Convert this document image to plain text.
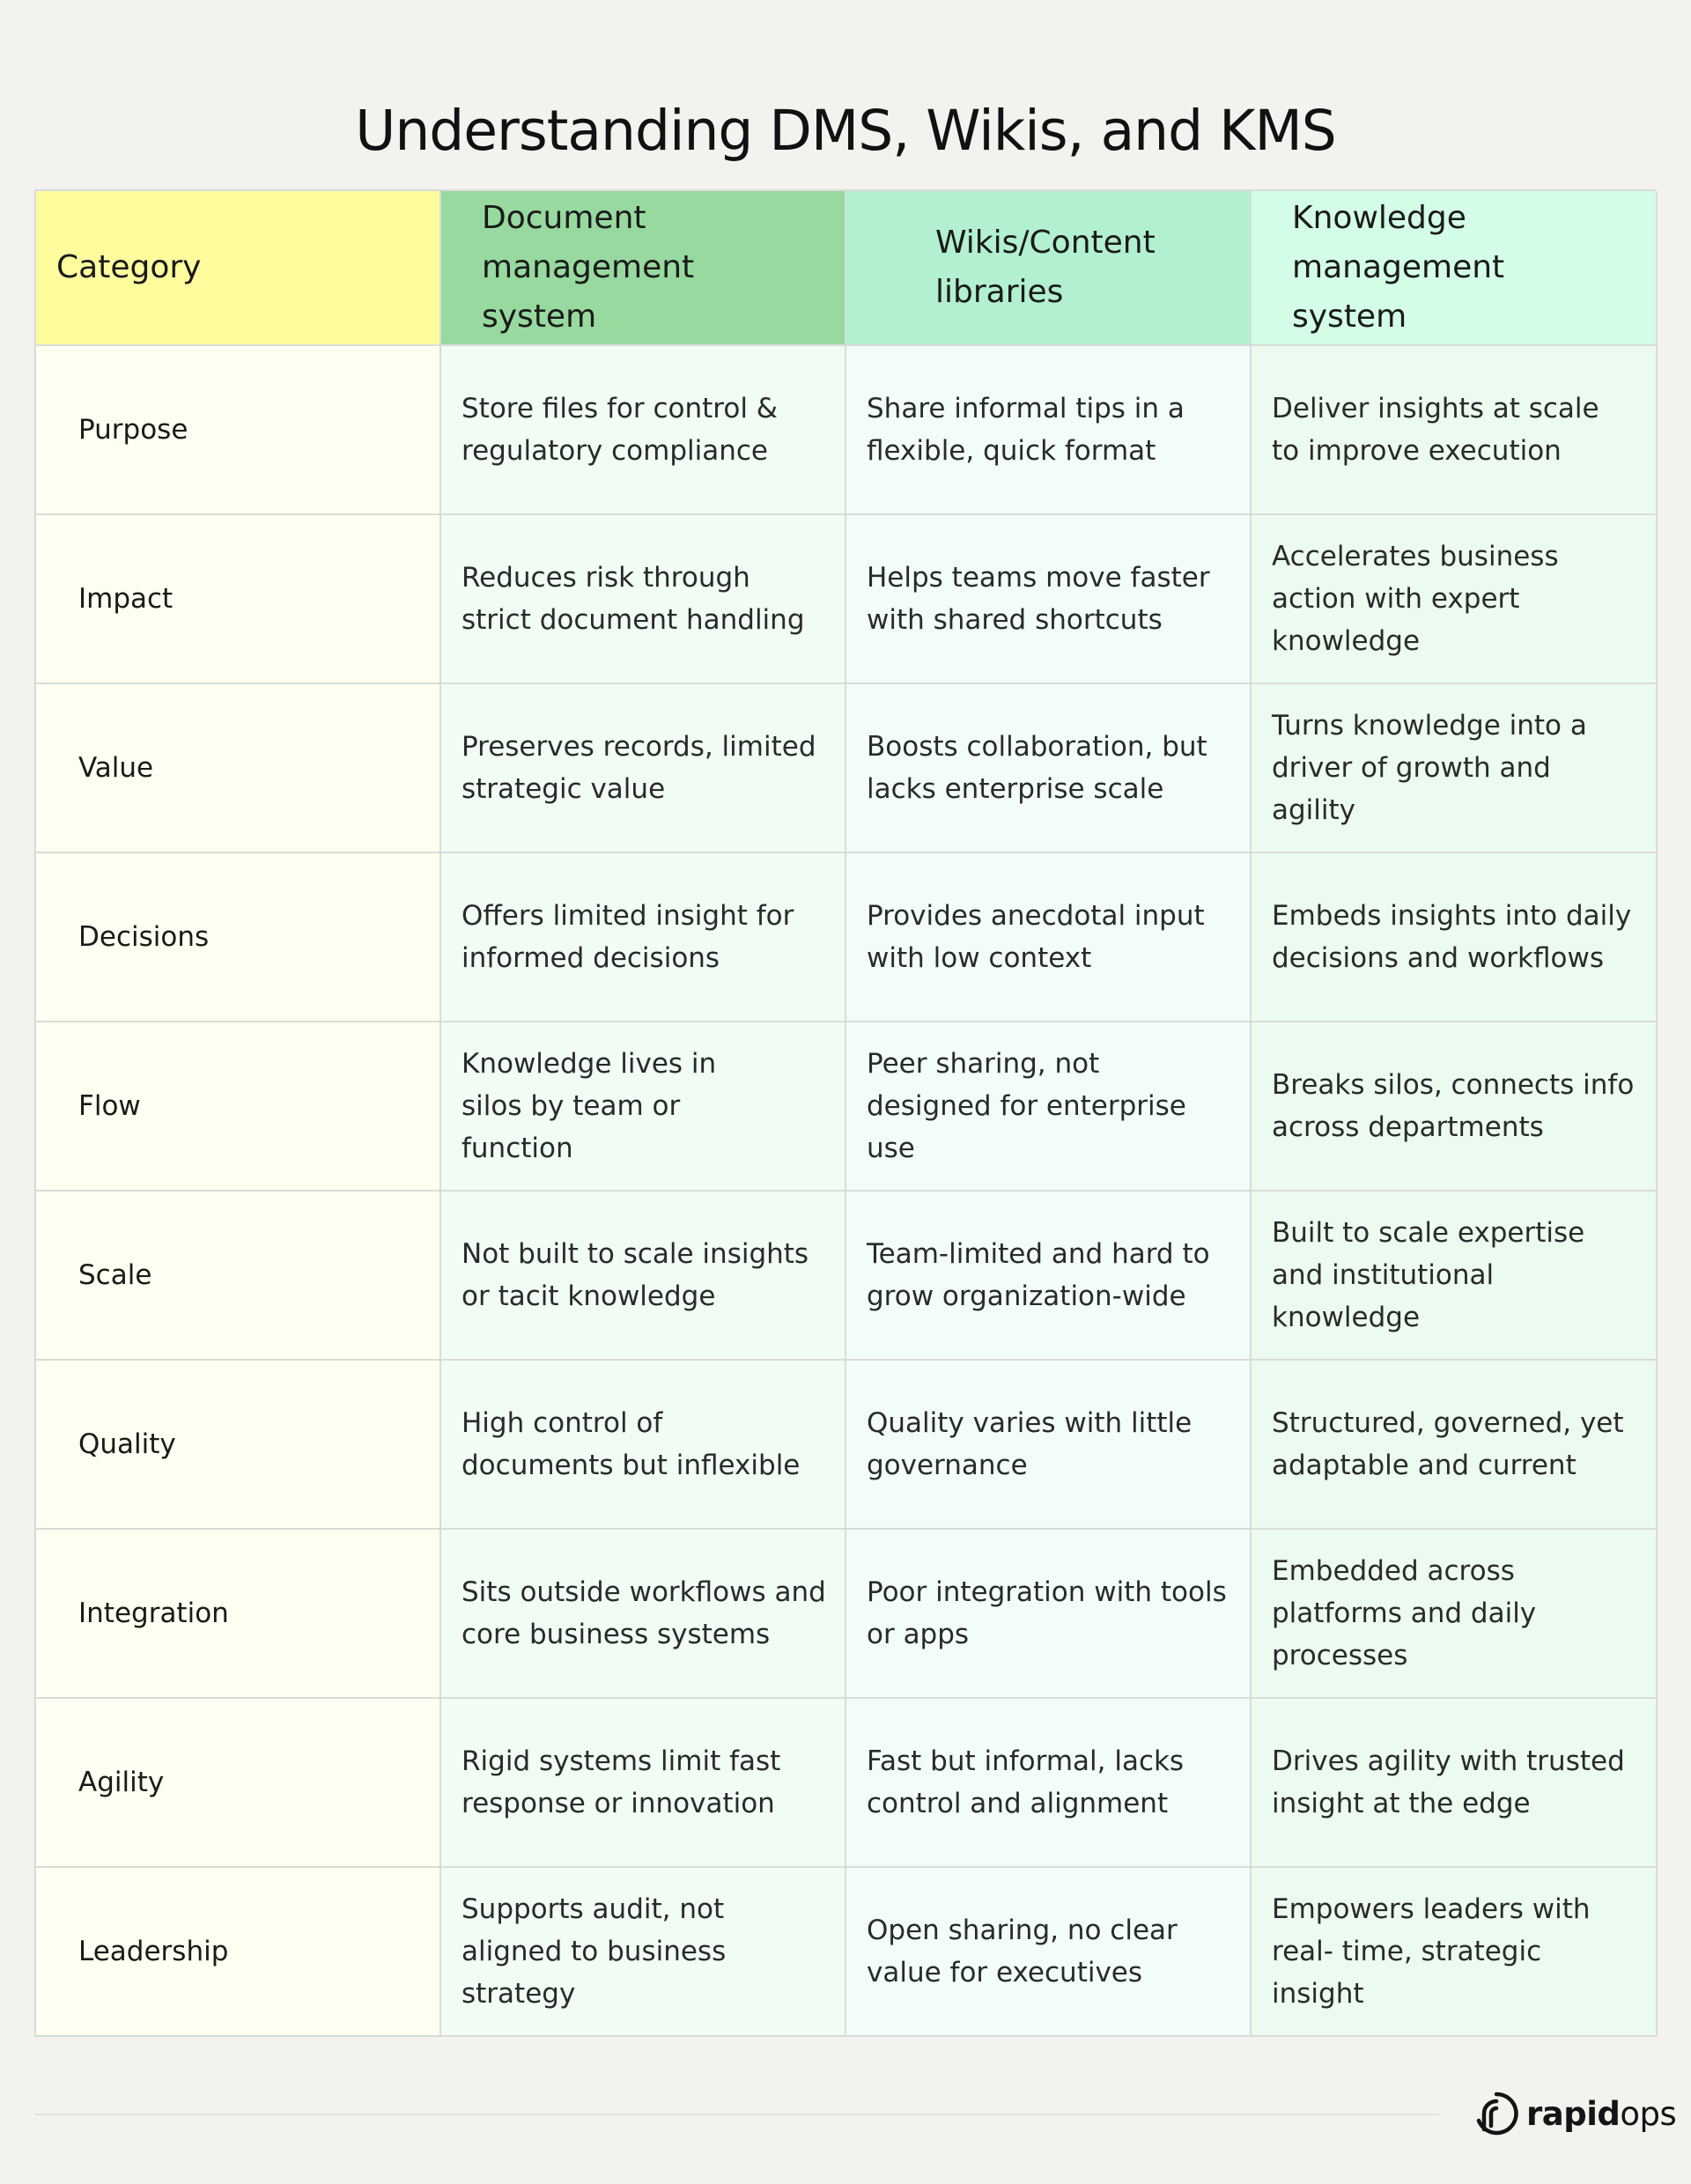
Understanding DMS, Wikis, and KMS
Category
Document management system
Wikis/Content libraries
Knowledge management system
Purpose
Store files for control & regulatory compliance
Share informal tips in a flexible, quick format
Deliver insights at scale to improve execution
Impact
Reduces risk through strict document handling
Helps teams move faster with shared shortcuts
Accelerates business action with expert knowledge
Value
Preserves records, limited strategic value
Boosts collaboration, but lacks enterprise scale
Turns knowledge into a driver of growth and agility
Decisions
Offers limited insight for informed decisions
Provides anecdotal input with low context
Embeds insights into daily decisions and workflows
Flow
Knowledge lives in silos by team or function
Peer sharing, not designed for enterprise use
Breaks silos, connects info across departments
Scale
Not built to scale insights or tacit knowledge
Team-limited and hard to grow organization-wide
Built to scale expertise and institutional knowledge
Quality
High control of documents but inflexible
Quality varies with little governance
Structured, governed, yet adaptable and current
Integration
Sits outside workflows and core business systems
Poor integration with tools or apps
Embedded across platforms and daily processes
Agility
Rigid systems limit fast response or innovation
Fast but informal, lacks control and alignment
Drives agility with trusted insight at the edge
Leadership
Supports audit, not aligned to business strategy
Open sharing, no clear value for executives
Empowers leaders with real- time, strategic insight
rapidops
